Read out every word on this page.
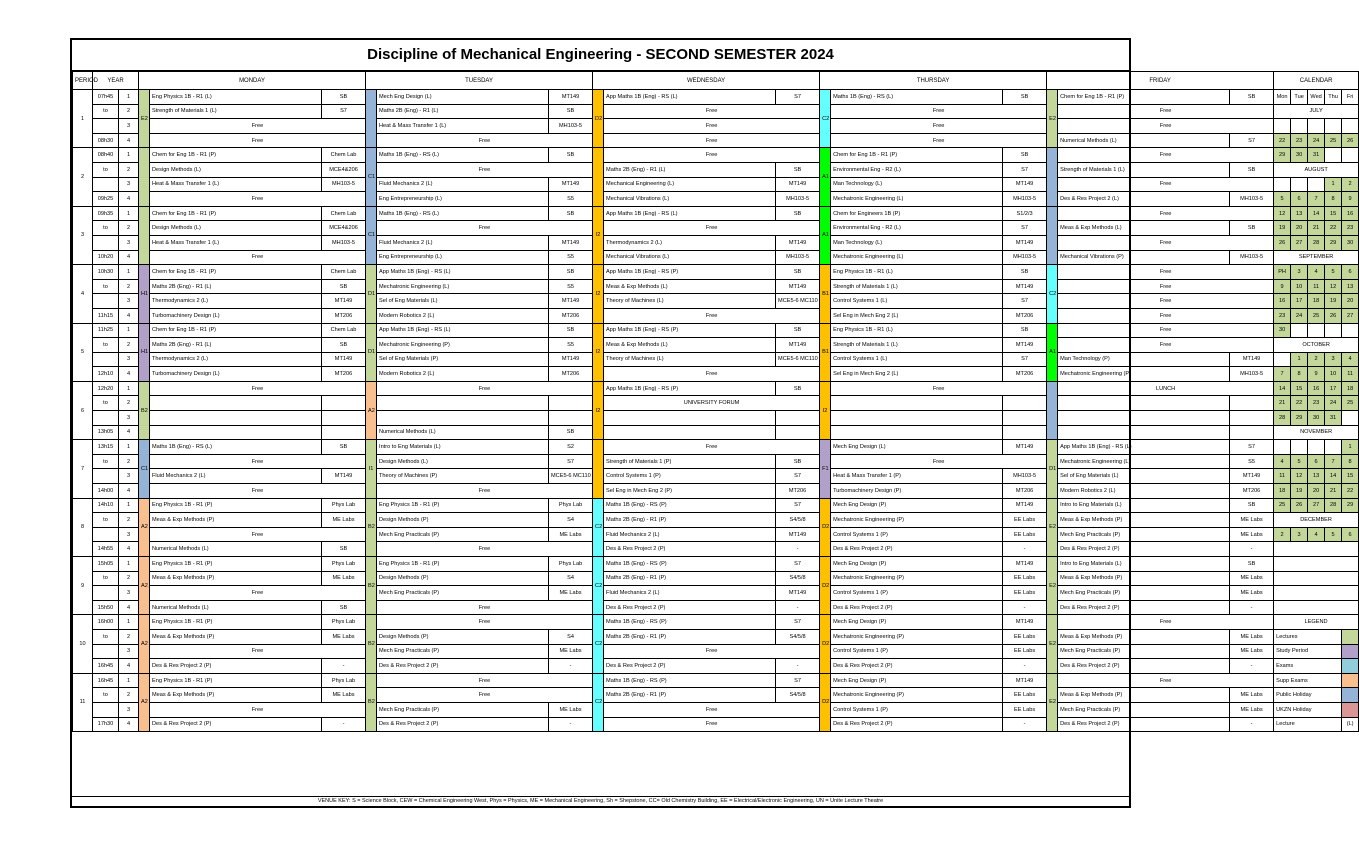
Discipline of Mechanical Engineering - SECOND SEMESTER 2024
PERIOD	YEAR		MONDAY			TUESDAY			WEDNESDAY			THURSDAY			FRIDAY			CALENDAR				
1	07h45	1	E2	Eng Physics 1B - R1 (L)	SB		Mech Eng Design (L)	MT149	D2	App Maths 1B (Eng) - RS (L)	S7	C2	Maths 1B (Eng) - RS (L)	SB	E2	Chem for Eng 1B - R1 (P)	SB	Mon	Tue	Wed	Thu	Fri
	to	2		Strength of Materials 1 (L)	S7		Maths 2B (Eng) - R1 (L)	SB		Free			Free			Free		JULY				
		3		Free			Heat & Mass Transfer 1 (L)	MH103-5		Free			Free			Free						
	08h30	4		Free			Free			Free			Free			Numerical Methods (L)	S7	22	23	24	25	26
2	08h40	1		Chem for Eng 1B - R1 (P)	Chem Lab	C1	Maths 1B (Eng) - RS (L)	SB		Free		A1	Chem for Eng 1B - R1 (P)	SB		Free		29	30	31		
	to	2		Design Methods (L)	MCE4&206		Free			Maths 2B (Eng) - R1 (L)	SB		Environmental Eng - R2 (L)	S7		Strength of Materials 1 (L)	SB	AUGUST				
		3		Heat & Mass Transfer 1 (L)	MH103-5		Fluid Mechanics 2 (L)	MT149		Mechanical Engineering (L)	MT149		Man Technology (L)	MT149		Free					1	2
	09h25	4		Free			Eng Entrepreneurship (L)	S5		Mechanical Vibrations (L)	MH103-5		Mechatronic Engineering (L)	MH103-5		Des & Res Project 2 (L)	MH103-5	5	6	7	8	9
3	09h35	1		Chem for Eng 1B - R1 (P)	Chem Lab	C1	Maths 1B (Eng) - RS (L)	SB	I2	App Maths 1B (Eng) - RS (L)	SB	A1	Chem for Engineers 1B (P)	S1/2/3		Free		12	13	14	15	16
	to	2		Design Methods (L)	MCE4&206		Free			Free			Environmental Eng - R2 (L)	S7		Meas & Exp Methods (L)	SB	19	20	21	22	23
		3		Heat & Mass Transfer 1 (L)	MH103-5		Fluid Mechanics 2 (L)	MT149		Thermodynamics 2 (L)	MT149		Man Technology (L)	MT149		Free		26	27	28	29	30
	10h20	4		Free			Eng Entrepreneurship (L)	S5		Mechanical Vibrations (L)	MH103-5		Mechatronic Engineering (L)	MH103-5		Mechanical Vibrations (P)	MH103-5	SEPTEMBER				
4	10h30	1	H1	Chem for Eng 1B - R1 (P)	Chem Lab	D1	App Maths 1B (Eng) - RS (L)	SB	I2	App Maths 1B (Eng) - RS (P)	SB	B1	Eng Physics 1B - R1 (L)	SB	C2	Free		PH	3	4	5	6
	to	2		Maths 2B (Eng) - R1 (L)	SB		Mechatronic Engineering (L)	S5		Meas & Exp Methods (L)	MT149		Strength of Materials 1 (L)	MT149		Free		9	10	11	12	13
		3		Thermodynamics 2 (L)	MT149		Sel of Eng Materials (L)	MT149		Theory of Machines (L)	MCE5-6 MC110		Control Systems 1 (L)	S7		Free		16	17	18	19	20
	11h15	4		Turbomachinery Design (L)	MT206		Modern Robotics 2 (L)	MT206		Free			Sel Eng in Mech Eng 2 (L)	MT206		Free		23	24	25	26	27
5	11h25	1	H1	Chem for Eng 1B - R1 (P)	Chem Lab	D1	App Maths 1B (Eng) - RS (L)	SB	I2	App Maths 1B (Eng) - RS (P)	SB	B1	Eng Physics 1B - R1 (L)	SB	A1	Free		30				
	to	2		Maths 2B (Eng) - R1 (L)	SB		Mechatronic Engineering (P)	S5		Meas & Exp Methods (L)	MT149		Strength of Materials 1 (L)	MT149		Free		OCTOBER				
		3		Thermodynamics 2 (L)	MT149		Sel of Eng Materials (P)	MT149		Theory of Machines (L)	MCE5-6 MC110		Control Systems 1 (L)	S7		Man Technology (P)	MT149		1	2	3	4
	12h10	4		Turbomachinery Design (L)	MT206		Modern Robotics 2 (L)	MT206		Free			Sel Eng in Mech Eng 2 (L)	MT206		Mechatronic Engineering (P)	MH103-5	7	8	9	10	11
6	12h20	1	B2	Free		A2	Free		I2	App Maths 1B (Eng) - RS (P)	SB	I2	Free			LUNCH		14	15	16	17	18
	to	2								UNIVERSITY FORUM								21	22	23	24	25
		3																28	29	30	31	
	13h05	4					Numerical Methods (L)	SB										NOVEMBER				
7	13h15	1	C1	Maths 1B (Eng) - RS (L)	SB	I1	Intro to Eng Materials (L)	S2		Free		F1	Mech Eng Design (L)	MT149	D1	App Maths 1B (Eng) - RS (L)	S7					1
	to	2		Free			Design Methods (L)	S7		Strength of Materials 1 (P)	SB		Free			Mechatronic Engineering (L)	S5	4	5	6	7	8
		3		Fluid Mechanics 2 (L)	MT149		Theory of Machines (P)	MCE5-6 MC110		Control Systems 1 (P)	S7		Heat & Mass Transfer 1 (P)	MH103-5		Sel of Eng Materials (L)	MT149	11	12	13	14	15
	14h00	4		Free			Free			Sel Eng in Mech Eng 2 (P)	MT206		Turbomachinery Design (P)	MT206		Modern Robotics 2 (L)	MT206	18	19	20	21	22
8	14h10	1	A2	Eng Physics 1B - R1 (P)	Phys Lab	B2	Eng Physics 1B - R1 (P)	Phys Lab	C2	Maths 1B (Eng) - RS (P)	S7	D2	Mech Eng Design (P)	MT149	E2	Intro to Eng Materials (L)	SB	25	26	27	28	29
	to	2		Meas & Exp Methods (P)	ME Labs		Design Methods (P)	S4		Maths 2B (Eng) - R1 (P)	S4/5/8		Mechatronic Engineering (P)	EE Labs		Meas & Exp Methods (P)	ME Labs	DECEMBER				
		3		Free			Mech Eng Practicals (P)	ME Labs		Fluid Mechanics 2 (L)	MT149		Control Systems 1 (P)	EE Labs		Mech Eng Practicals (P)	ME Labs	2	3	4	5	6
	14h55	4		Numerical Methods (L)	SB		Free			Des & Res Project 2 (P)	-		Des & Res Project 2 (P)	-		Des & Res Project 2 (P)	-					
9	15h05	1	A2	Eng Physics 1B - R1 (P)	Phys Lab	B2	Eng Physics 1B - R1 (P)	Phys Lab	C2	Maths 1B (Eng) - RS (P)	S7	D2	Mech Eng Design (P)	MT149	E2	Intro to Eng Materials (L)	SB					
	to	2		Meas & Exp Methods (P)	ME Labs		Design Methods (P)	S4		Maths 2B (Eng) - R1 (P)	S4/5/8		Mechatronic Engineering (P)	EE Labs		Meas & Exp Methods (P)	ME Labs					
		3		Free			Mech Eng Practicals (P)	ME Labs		Fluid Mechanics 2 (L)	MT149		Control Systems 1 (P)	EE Labs		Mech Eng Practicals (P)	ME Labs					
	15h50	4		Numerical Methods (L)	SB		Free			Des & Res Project 2 (P)	-		Des & Res Project 2 (P)	-		Des & Res Project 2 (P)	-					
10	16h00	1	A2	Eng Physics 1B - R1 (P)	Phys Lab	B2	Free		C2	Maths 1B (Eng) - RS (P)	S7	D2	Mech Eng Design (P)	MT149	E2	Free		LEGEND				
	to	2		Meas & Exp Methods (P)	ME Labs		Design Methods (P)	S4		Maths 2B (Eng) - R1 (P)	S4/5/8		Mechatronic Engineering (P)	EE Labs		Meas & Exp Methods (P)	ME Labs	Lectures				
		3		Free			Mech Eng Practicals (P)	ME Labs		Free			Control Systems 1 (P)	EE Labs		Mech Eng Practicals (P)	ME Labs	Study Period				
	16h45	4		Des & Res Project 2 (P)	-		Des & Res Project 2 (P)	-		Des & Res Project 2 (P)	-		Des & Res Project 2 (P)	-		Des & Res Project 2 (P)	-	Exams				
11	16h45	1	A2	Eng Physics 1B - R1 (P)	Phys Lab	B2	Free		C2	Maths 1B (Eng) - RS (P)	S7	D2	Mech Eng Design (P)	MT149	E2	Free		Supp Exams				
	to	2		Meas & Exp Methods (P)	ME Labs		Free			Maths 2B (Eng) - R1 (P)	S4/5/8		Mechatronic Engineering (P)	EE Labs		Meas & Exp Methods (P)	ME Labs	Public Holiday				
		3		Free			Mech Eng Practicals (P)	ME Labs		Free			Control Systems 1 (P)	EE Labs		Mech Eng Practicals (P)	ME Labs	UKZN Holiday				
	17h30	4		Des & Res Project 2 (P)	-		Des & Res Project 2 (P)	-		Free			Des & Res Project 2 (P)	-		Des & Res Project 2 (P)	-	Lecture				(L)
VENUE KEY: S = Science Block, CEW = Chemical Engineering West, Phys = Physics, ME = Mechanical Engineering, Sh = Shepstone, CC= Old Chemistry Building, EE = Electrical/Electronic Engineering, UN = Unite Lecture Theatre
